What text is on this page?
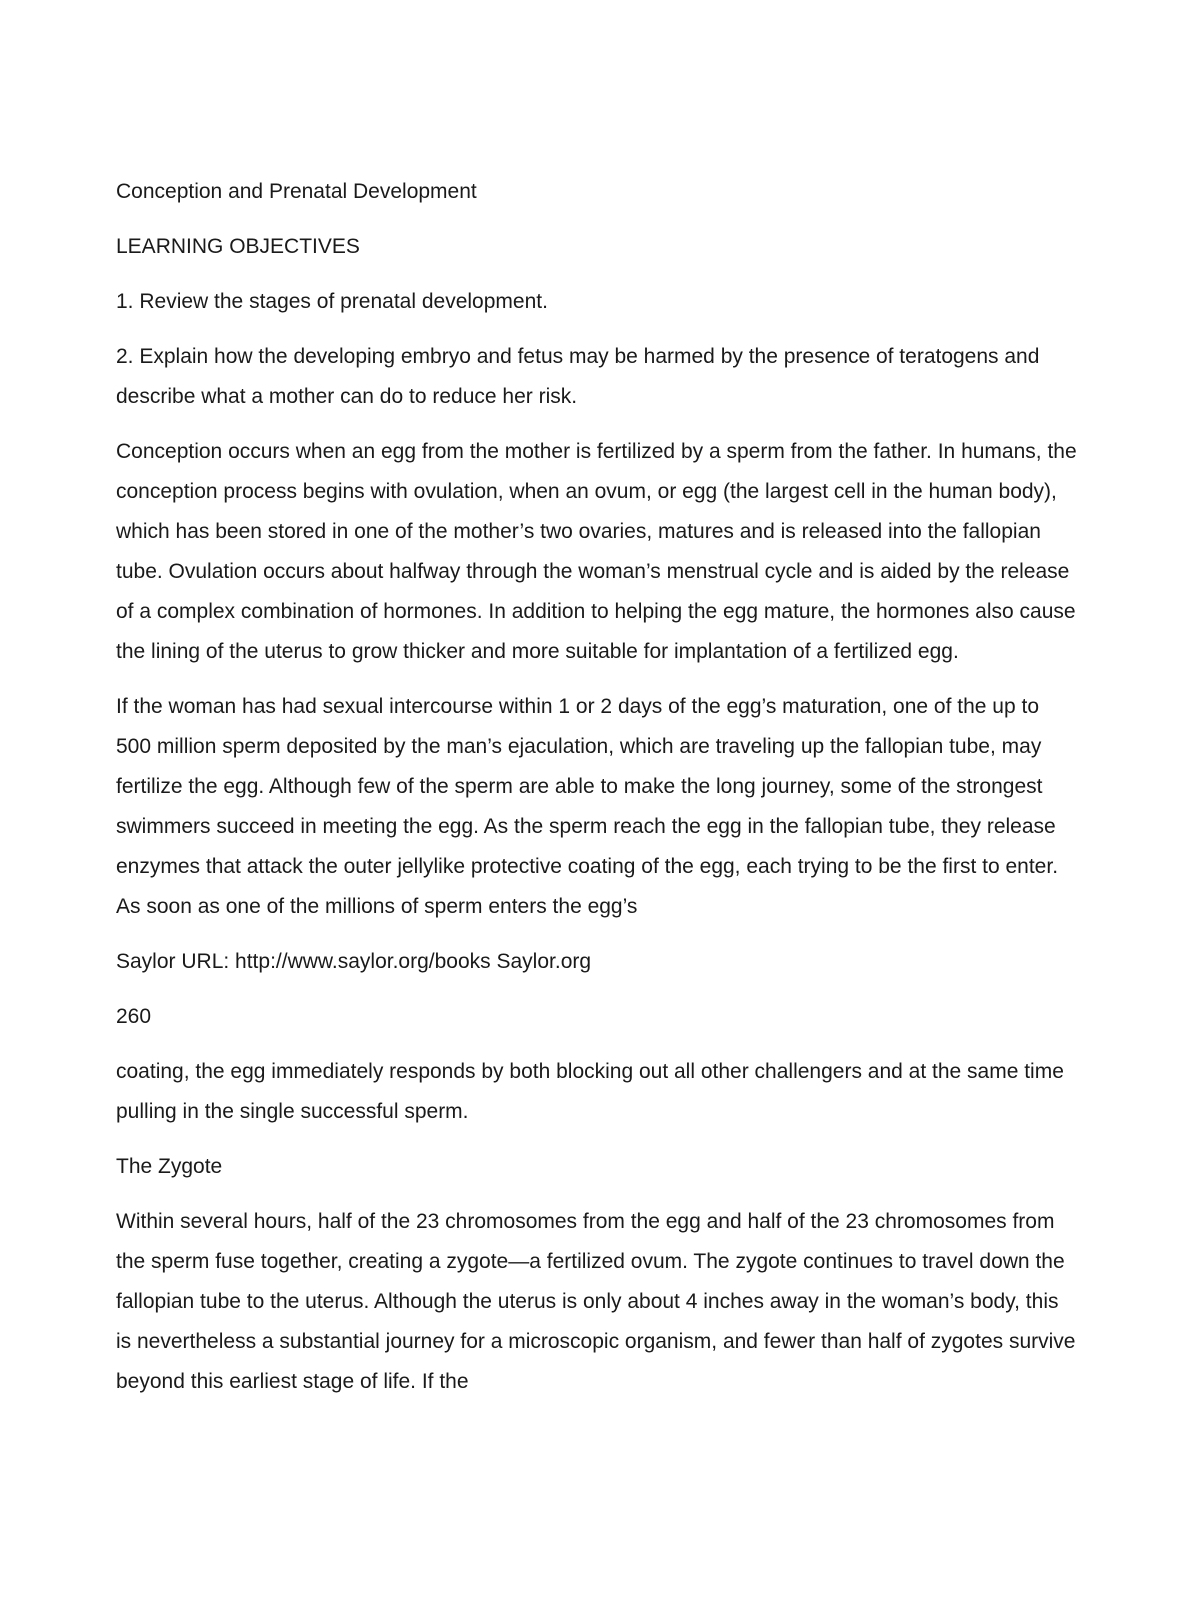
Conception and Prenatal Development

LEARNING OBJECTIVES

1. Review the stages of prenatal development.

2. Explain how the developing embryo and fetus may be harmed by the presence of teratogens and describe what a mother can do to reduce her risk.

Conception occurs when an egg from the mother is fertilized by a sperm from the father. In humans, the conception process begins with ovulation, when an ovum, or egg (the largest cell in the human body), which has been stored in one of the mother’s two ovaries, matures and is released into the fallopian tube. Ovulation occurs about halfway through the woman’s menstrual cycle and is aided by the release of a complex combination of hormones. In addition to helping the egg mature, the hormones also cause the lining of the uterus to grow thicker and more suitable for implantation of a fertilized egg.

If the woman has had sexual intercourse within 1 or 2 days of the egg’s maturation, one of the up to 500 million sperm deposited by the man’s ejaculation, which are traveling up the fallopian tube, may fertilize the egg. Although few of the sperm are able to make the long journey, some of the strongest swimmers succeed in meeting the egg. As the sperm reach the egg in the fallopian tube, they release enzymes that attack the outer jellylike protective coating of the egg, each trying to be the first to enter. As soon as one of the millions of sperm enters the egg’s

Saylor URL: http://www.saylor.org/books Saylor.org

260

coating, the egg immediately responds by both blocking out all other challengers and at the same time pulling in the single successful sperm.

The Zygote

Within several hours, half of the 23 chromosomes from the egg and half of the 23 chromosomes from the sperm fuse together, creating a zygote—a fertilized ovum. The zygote continues to travel down the fallopian tube to the uterus. Although the uterus is only about 4 inches away in the woman’s body, this is nevertheless a substantial journey for a microscopic organism, and fewer than half of zygotes survive beyond this earliest stage of life. If the
